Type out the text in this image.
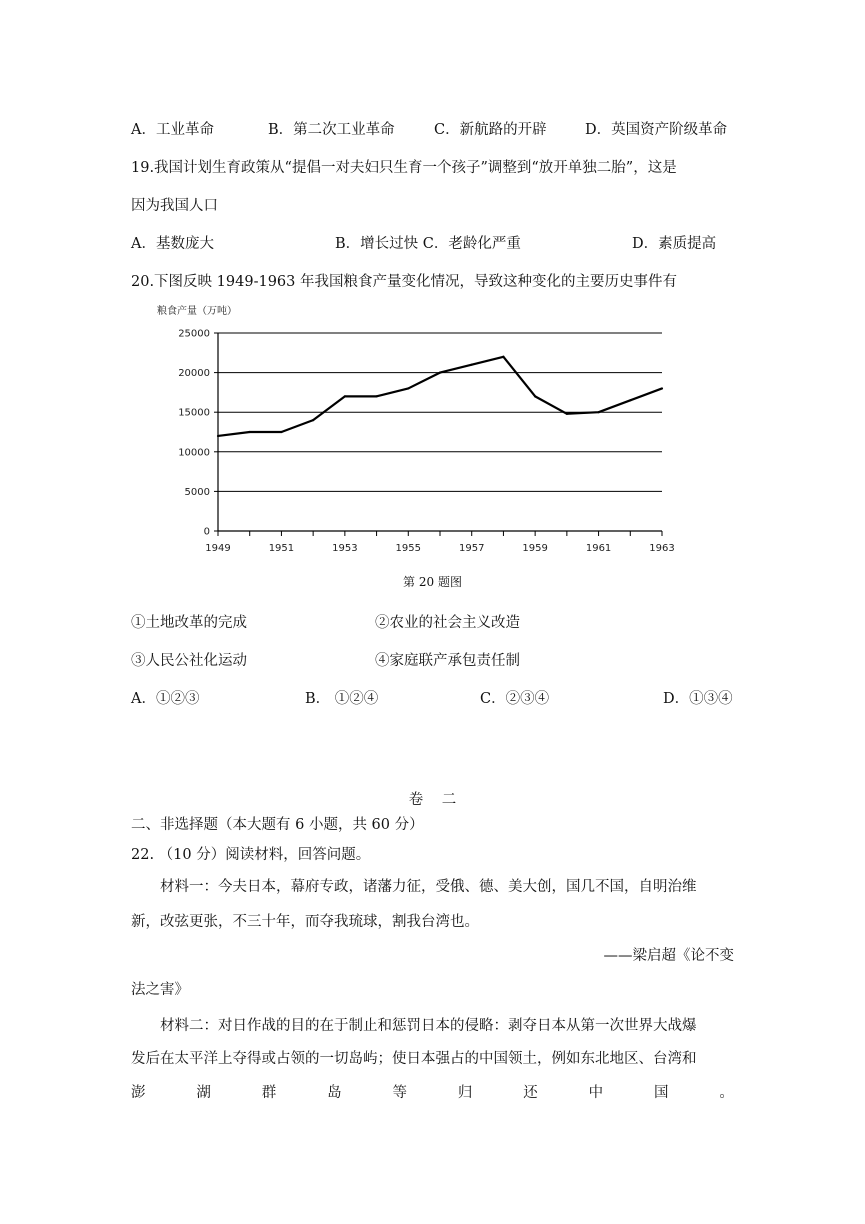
A．工业革命	B．第二次工业革命	C．新航路的开辟	D．英国资产阶级革命
19.我国计划生育政策从“提倡一对夫妇只生育一个孩子”调整到“放开单独二胎”，这是
因为我国人口
A．基数庞大	B．增长过快 C．老龄化严重	D．素质提高
20.下图反映 1949-1963 年我国粮食产量变化情况，导致这种变化的主要历史事件有
粮食产量（万吨）
0
5000
10000
15000
20000
25000
1949	1951	1953	1955	1957	1959	1961	1963
第 20 题图
①土地改革的完成	②农业的社会主义改造
③人民公社化运动	④家庭联产承包责任制
A．①②③	B． ①②④	C．②③④	D．①③④
卷    二
二、非选择题（本大题有 6 小题，共 60 分）
22. （10 分）阅读材料，回答问题。
材料一：今夫日本，幕府专政，诸藩力征，受俄、德、美大创，国几不国，自明治维
新，改弦更张，不三十年，而夺我琉球，割我台湾也。
——梁启超《论不变
法之害》
材料二：对日作战的目的在于制止和惩罚日本的侵略：剥夺日本从第一次世界大战爆
发后在太平洋上夺得或占领的一切岛屿；使日本强占的中国领土，例如东北地区、台湾和
澎	湖	群	岛	等	归	还	中	国	。
